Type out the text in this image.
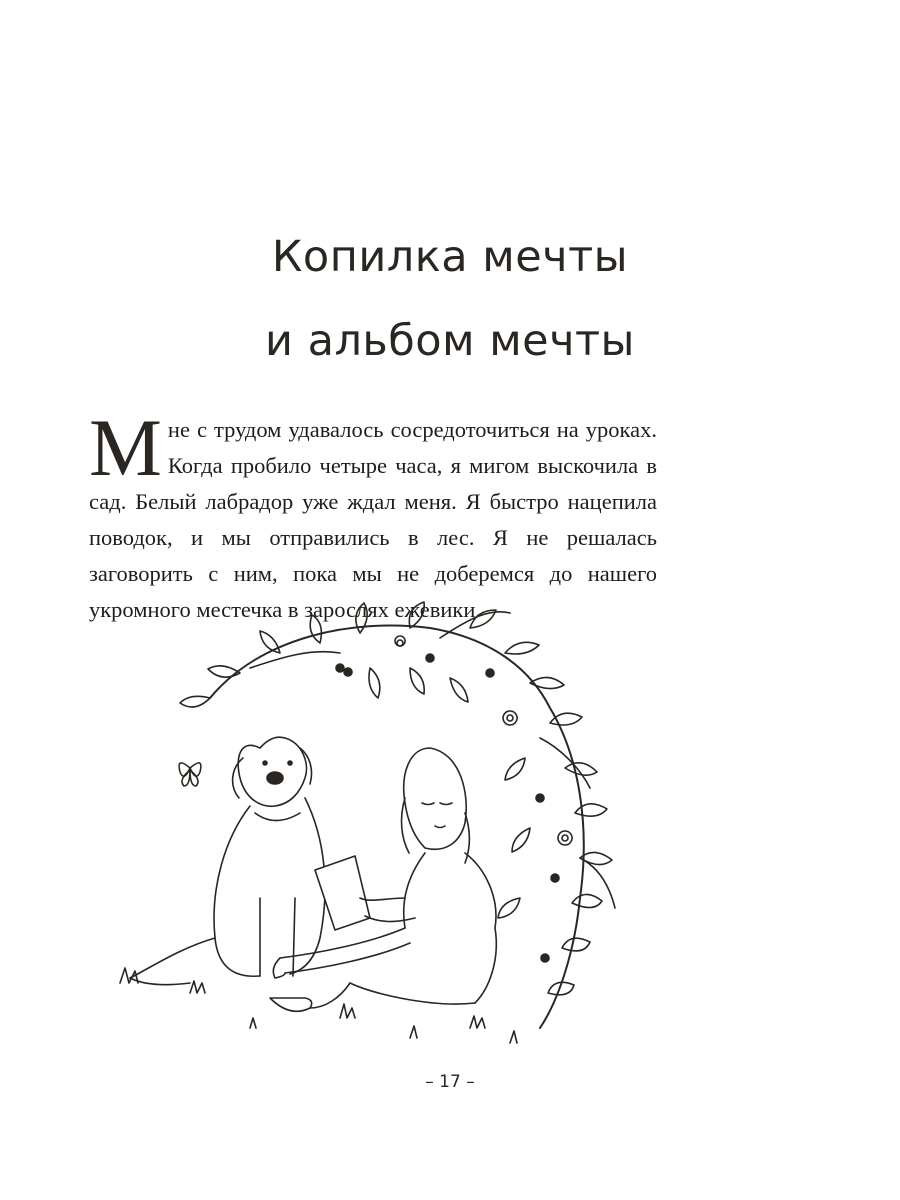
Копилка мечты
и альбом мечты
М не с трудом удавалось сосредоточиться на уроках. Когда пробило четыре часа, я мигом выскочила в сад. Белый лабрадор уже ждал меня. Я быстро нацепила поводок, и мы отправились в лес. Я не решалась заговорить с ним, пока мы не доберемся до нашего укромного местечка в зарослях ежевики.
– 17 –
